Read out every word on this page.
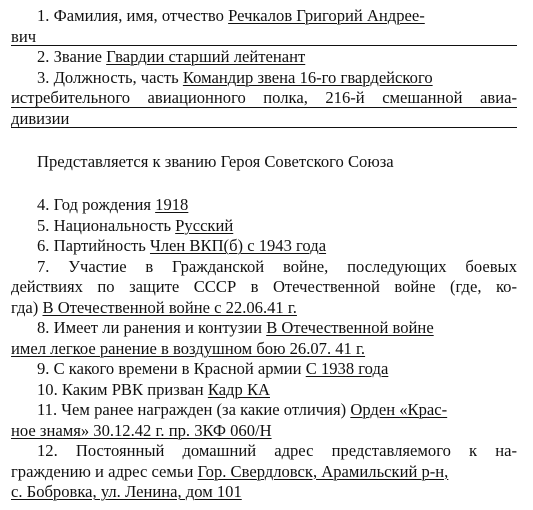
1. Фамилия, имя, отчество Речкалов Григорий Андрее-
вич
2. Звание Гвардии старший лейтенант
3. Должность, часть Командир звена 16-го гвардейского
истребительного авиационного полка, 216-й смешанной авиа-
дивизии
Представляется к званию Героя Советского Союза
4. Год рождения 1918
5. Национальность Русский
6. Партийность Член ВКП(б) с 1943 года
7. Участие в Гражданской войне, последующих боевых
действиях по защите СССР в Отечественной войне (где, ко-
гда) В Отечественной войне с 22.06.41 г.
8. Имеет ли ранения и контузии В Отечественной войне
имел легкое ранение в воздушном бою 26.07. 41 г.
9. С какого времени в Красной армии С 1938 года
10. Каким РВК призван Кадр КА
11. Чем ранее награжден (за какие отличия) Орден «Крас-
ное знамя» 30.12.42 г. пр. 3КФ 060/Н
12. Постоянный домашний адрес представляемого к на-
граждению и адрес семьи Гор. Свердловск, Арамильский р-н,
с. Бобровка, ул. Ленина, дом 101
